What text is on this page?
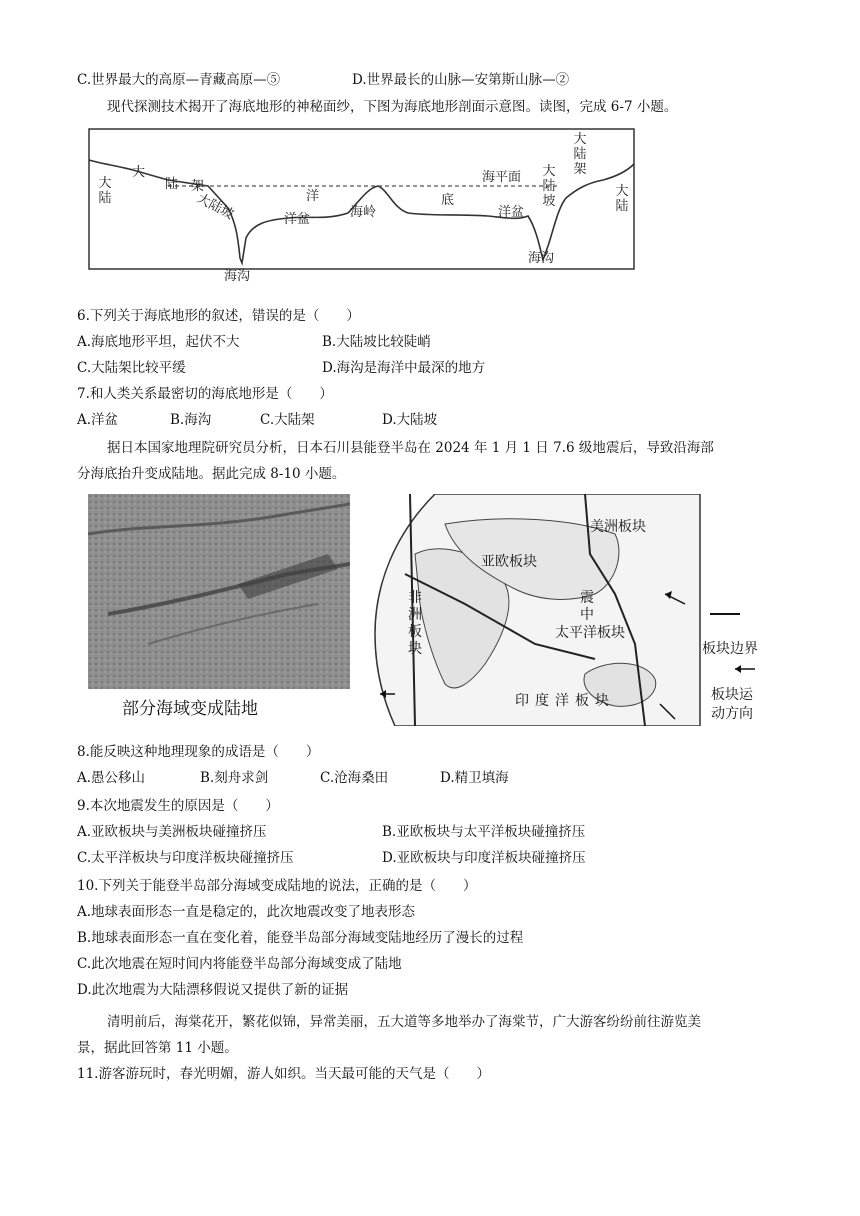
C.世界最大的高原—青藏高原—⑤	D.世界最长的山脉—安第斯山脉—②
现代探测技术揭开了海底地形的神秘面纱，下图为海底地形剖面示意图。读图，完成 6-7 小题。
大陆
大
陆 架
大陆坡
海沟
洋
洋盆	海岭
底
洋盆
海平面 大陆坡
海沟
大陆架
大陆
6.下列关于海底地形的叙述，错误的是（　　）
A.海底地形平坦，起伏不大	B.大陆坡比较陡峭
C.大陆架比较平缓	D.海沟是海洋中最深的地方
7.和人类关系最密切的海底地形是（　　）
A.洋盆	B.海沟	C.大陆架	D.大陆坡
据日本国家地理院研究员分析，日本石川县能登半岛在 2024 年 1 月 1 日 7.6 级地震后，导致沿海部
分海底抬升变成陆地。据此完成 8-10 小题。
部分海域变成陆地
美洲板块
亚欧板块
非洲板块
震中
太平洋板块
印度洋板块
板块边界
板块运
动方向
8.能反映这种地理现象的成语是（　　）
A.愚公移山	B.刻舟求剑	C.沧海桑田	D.精卫填海
9.本次地震发生的原因是（　　）
A.亚欧板块与美洲板块碰撞挤压	B.亚欧板块与太平洋板块碰撞挤压
C.太平洋板块与印度洋板块碰撞挤压	D.亚欧板块与印度洋板块碰撞挤压
10.下列关于能登半岛部分海域变成陆地的说法，正确的是（　　）
A.地球表面形态一直是稳定的，此次地震改变了地表形态
B.地球表面形态一直在变化着，能登半岛部分海域变陆地经历了漫长的过程
C.此次地震在短时间内将能登半岛部分海域变成了陆地
D.此次地震为大陆漂移假说又提供了新的证据
清明前后，海棠花开，繁花似锦，异常美丽，五大道等多地举办了海棠节，广大游客纷纷前往游览美
景，据此回答第 11 小题。
11.游客游玩时，春光明媚，游人如织。当天最可能的天气是（　　）
